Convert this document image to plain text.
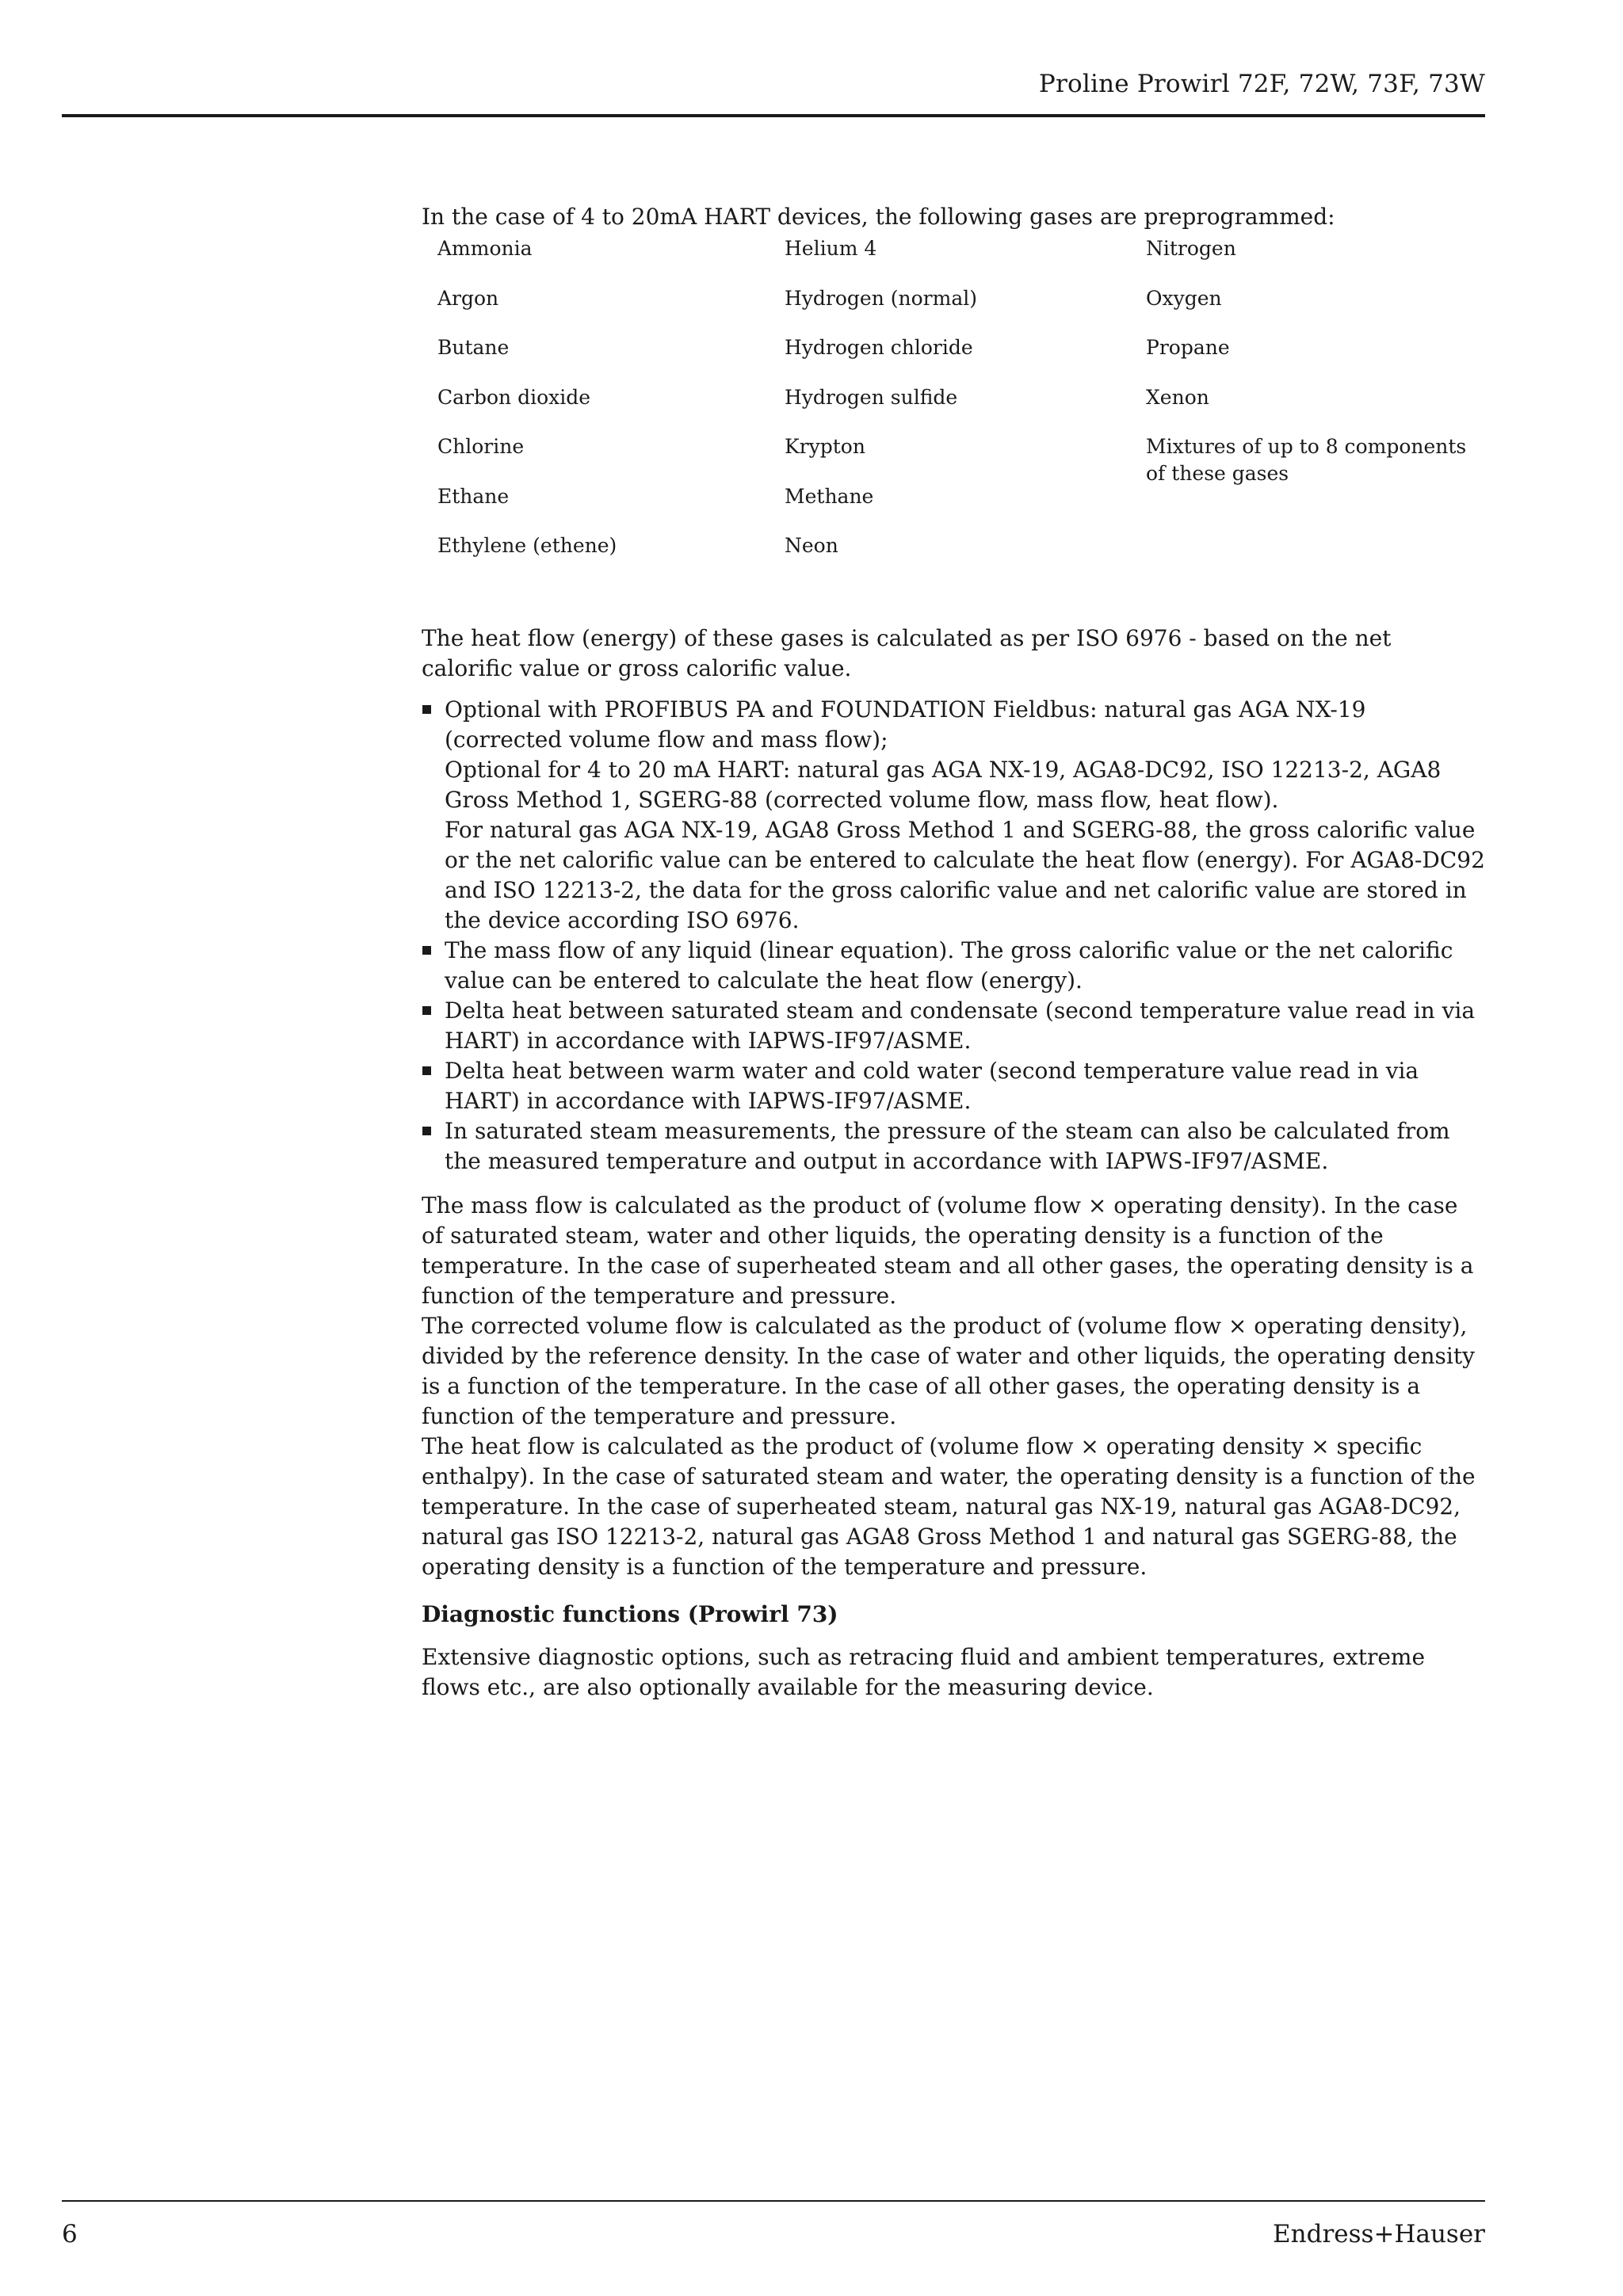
Proline Prowirl 72F, 72W, 73F, 73W

In the case of 4 to 20mA HART devices, the following gases are preprogrammed:

Ammonia	Helium 4	Nitrogen
Argon	Hydrogen (normal)	Oxygen
Butane	Hydrogen chloride	Propane
Carbon dioxide	Hydrogen sulfide	Xenon
Chlorine	Krypton	Mixtures of up to 8 components of these gases
Ethane	Methane	
Ethylene (ethene)	Neon	

The heat flow (energy) of these gases is calculated as per ISO 6976 - based on the net calorific value or gross calorific value.

Optional with PROFIBUS PA and FOUNDATION Fieldbus: natural gas AGA NX-19 (corrected volume flow and mass flow);
Optional for 4 to 20 mA HART: natural gas AGA NX-19, AGA8-DC92, ISO 12213-2, AGA8 Gross Method 1, SGERG-88 (corrected volume flow, mass flow, heat flow).
For natural gas AGA NX-19, AGA8 Gross Method 1 and SGERG-88, the gross calorific value or the net calorific value can be entered to calculate the heat flow (energy). For AGA8-DC92 and ISO 12213-2, the data for the gross calorific value and net calorific value are stored in the device according ISO 6976.
The mass flow of any liquid (linear equation). The gross calorific value or the net calorific value can be entered to calculate the heat flow (energy).
Delta heat between saturated steam and condensate (second temperature value read in via HART) in accordance with IAPWS-IF97/ASME.
Delta heat between warm water and cold water (second temperature value read in via HART) in accordance with IAPWS-IF97/ASME.
In saturated steam measurements, the pressure of the steam can also be calculated from the measured temperature and output in accordance with IAPWS-IF97/ASME.
The mass flow is calculated as the product of (volume flow × operating density). In the case of saturated steam, water and other liquids, the operating density is a function of the temperature. In the case of superheated steam and all other gases, the operating density is a function of the temperature and pressure.
The corrected volume flow is calculated as the product of (volume flow × operating density), divided by the reference density. In the case of water and other liquids, the operating density is a function of the temperature. In the case of all other gases, the operating density is a function of the temperature and pressure.
The heat flow is calculated as the product of (volume flow × operating density × specific enthalpy). In the case of saturated steam and water, the operating density is a function of the temperature. In the case of superheated steam, natural gas NX-19, natural gas AGA8-DC92, natural gas ISO 12213-2, natural gas AGA8 Gross Method 1 and natural gas SGERG-88, the operating density is a function of the temperature and pressure.
Diagnostic functions (Prowirl 73)

Extensive diagnostic options, such as retracing fluid and ambient temperatures, extreme flows etc., are also optionally available for the measuring device.

6	Endress+Hauser
